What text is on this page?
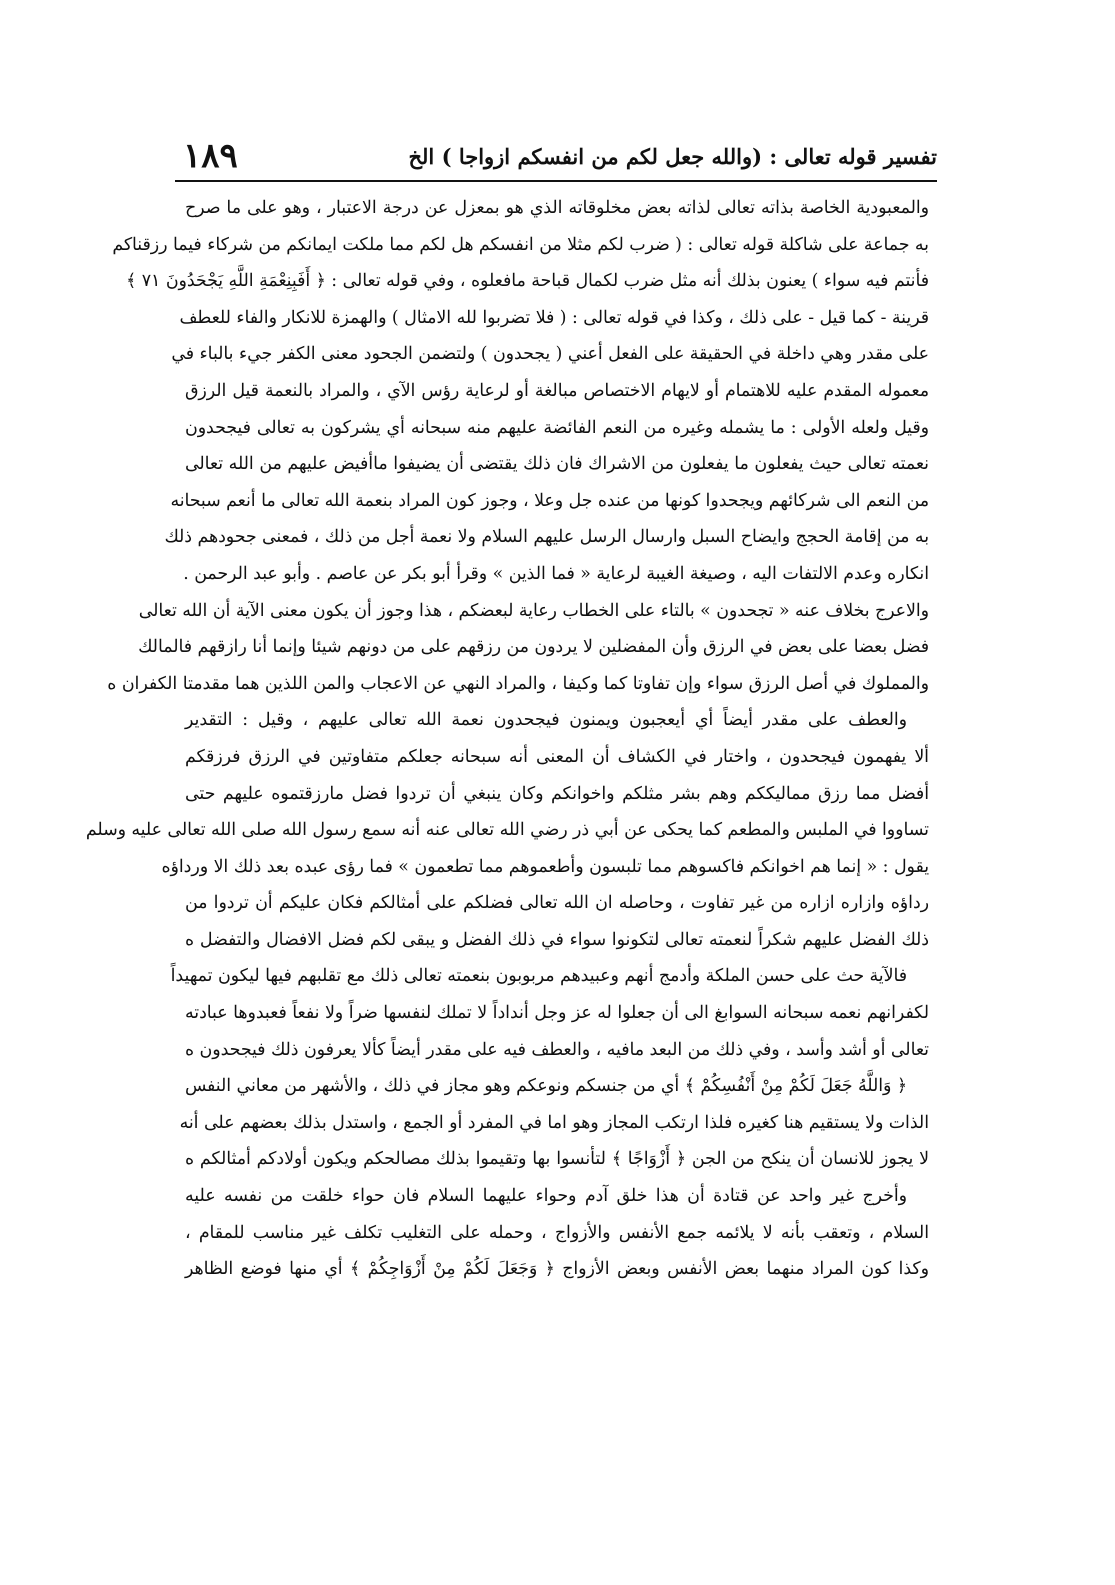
تفسير قوله تعالى : (والله جعل لكم من انفسكم ازواجا ) الخ
١٨٩
والمعبودية الخاصة بذاته تعالى لذاته بعض مخلوقاته الذي هو بمعزل عن درجة الاعتبار ، وهو على ما صرح
به جماعة على شاكلة قوله تعالى : ( ضرب لكم مثلا من انفسكم هل لكم مما ملكت ايمانكم من شركاء فيما رزقناكم
فأنتم فيه سواء ) يعنون بذلك أنه مثل ضرب لكمال قباحة مافعلوه ، وفي قوله تعالى : ﴿ أَفَبِنِعْمَةِ اللَّهِ يَجْحَدُونَ ٧١ ﴾
قرينة - كما قيل - على ذلك ، وكذا في قوله تعالى : ( فلا تضربوا لله الامثال ) والهمزة للانكار والفاء للعطف
على مقدر وهي داخلة في الحقيقة على الفعل أعني ( يجحدون ) ولتضمن الجحود معنى الكفر جيء بالباء في
معموله المقدم عليه للاهتمام أو لايهام الاختصاص مبالغة أو لرعاية رؤس الآي ، والمراد بالنعمة قيل الرزق
وقيل ولعله الأولى : ما يشمله وغيره من النعم الفائضة عليهم منه سبحانه أي يشركون به تعالى فيجحدون
نعمته تعالى حيث يفعلون ما يفعلون من الاشراك فان ذلك يقتضى أن يضيفوا ماأفيض عليهم من الله تعالى
من النعم الى شركائهم ويجحدوا كونها من عنده جل وعلا ، وجوز كون المراد بنعمة الله تعالى ما أنعم سبحانه
به من إقامة الحجج وايضاح السبل وارسال الرسل عليهم السلام ولا نعمة أجل من ذلك ، فمعنى جحودهم ذلك
انكاره وعدم الالتفات اليه ، وصيغة الغيبة لرعاية « فما الذين » وقرأ أبو بكر عن عاصم . وأبو عبد الرحمن .
والاعرج بخلاف عنه « تجحدون » بالتاء على الخطاب رعاية لبعضكم ، هذا وجوز أن يكون معنى الآية أن الله تعالى
فضل بعضا على بعض في الرزق وأن المفضلين لا يردون من رزقهم على من دونهم شيئا وإنما أنا رازقهم فالمالك
والمملوك في أصل الرزق سواء وإن تفاوتا كما وكيفا ، والمراد النهي عن الاعجاب والمن اللذين هما مقدمتا الكفران ه
والعطف على مقدر أيضاً أي أيعجبون ويمنون فيجحدون نعمة الله تعالى عليهم ، وقيل : التقدير
ألا يفهمون فيجحدون ، واختار في الكشاف أن المعنى أنه سبحانه جعلكم متفاوتين في الرزق فرزقكم
أفضل مما رزق مماليككم وهم بشر مثلكم واخوانكم وكان ينبغي أن تردوا فضل مارزقتموه عليهم حتى
تساووا في الملبس والمطعم كما يحكى عن أبي ذر رضي الله تعالى عنه أنه سمع رسول الله صلى الله تعالى عليه وسلم
يقول : « إنما هم اخوانكم فاكسوهم مما تلبسون وأطعموهم مما تطعمون » فما رؤى عبده بعد ذلك الا ورداؤه
رداؤه وازاره ازاره من غير تفاوت ، وحاصله ان الله تعالى فضلكم على أمثالكم فكان عليكم أن تردوا من
ذلك الفضل عليهم شكراً لنعمته تعالى لتكونوا سواء في ذلك الفضل و يبقى لكم فضل الافضال والتفضل ه
فالآية حث على حسن الملكة وأدمج أنهم وعبيدهم مربوبون بنعمته تعالى ذلك مع تقلبهم فيها ليكون تمهيداً
لكفرانهم نعمه سبحانه السوابغ الى أن جعلوا له عز وجل أنداداً لا تملك لنفسها ضراً ولا نفعاً فعبدوها عبادته
تعالى أو أشد وأسد ، وفي ذلك من البعد مافيه ، والعطف فيه على مقدر أيضاً كألا يعرفون ذلك فيجحدون ه
﴿ وَاللَّهُ جَعَلَ لَكُمْ مِنْ أَنْفُسِكُمْ ﴾ أي من جنسكم ونوعكم وهو مجاز في ذلك ، والأشهر من معاني النفس
الذات ولا يستقيم هنا كغيره فلذا ارتكب المجاز وهو اما في المفرد أو الجمع ، واستدل بذلك بعضهم على أنه
لا يجوز للانسان أن ينكح من الجن ﴿ أَزْوَاجًا ﴾ لتأنسوا بها وتقيموا بذلك مصالحكم ويكون أولادكم أمثالكم ه
وأخرج غير واحد عن قتادة أن هذا خلق آدم وحواء عليهما السلام فان حواء خلقت من نفسه عليه
السلام ، وتعقب بأنه لا يلائمه جمع الأنفس والأزواج ، وحمله على التغليب تكلف غير مناسب للمقام ،
وكذا كون المراد منهما بعض الأنفس وبعض الأزواج ﴿ وَجَعَلَ لَكُمْ مِنْ أَزْوَاجِكُمْ ﴾ أي منها فوضع الظاهر
